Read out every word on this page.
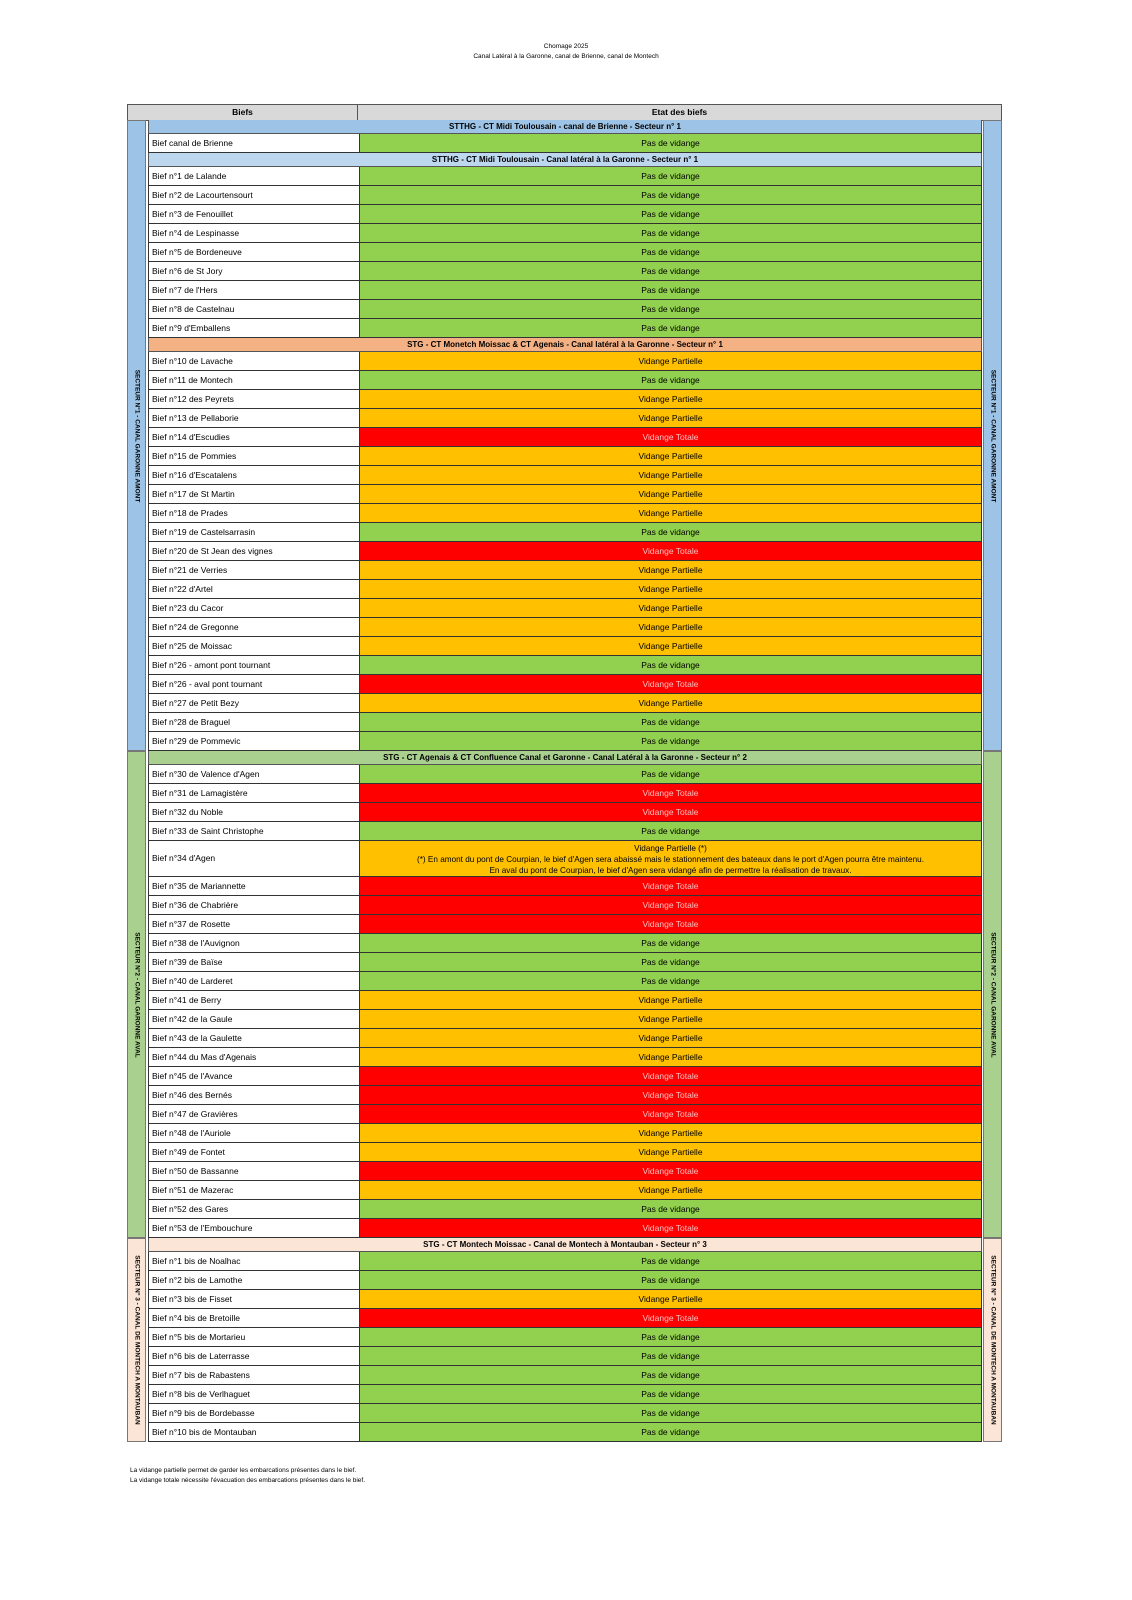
Chomage 2025
Canal Latéral à la Garonne, canal de Brienne, canal de Montech
Biefs	Etat des biefs
SECTEUR N°1 - CANAL GARONNE AMONT	SECTEUR N°1 - CANAL GARONNE AMONT
STTHG - CT Midi Toulousain - canal de Brienne - Secteur n° 1
Bief canal de Brienne	Pas de vidange
STTHG - CT Midi Toulousain - Canal latéral à la Garonne - Secteur n° 1
Bief n°1 de Lalande	Pas de vidange
Bief n°2 de Lacourtensourt	Pas de vidange
Bief n°3 de Fenouillet	Pas de vidange
Bief n°4 de Lespinasse	Pas de vidange
Bief n°5 de Bordeneuve	Pas de vidange
Bief n°6 de St Jory	Pas de vidange
Bief n°7 de l'Hers	Pas de vidange
Bief n°8 de Castelnau	Pas de vidange
Bief n°9 d'Emballens	Pas de vidange
STG - CT Monetch Moissac & CT Agenais - Canal latéral à la Garonne - Secteur n° 1
Bief n°10 de Lavache	Vidange Partielle
Bief n°11 de Montech	Pas de vidange
Bief n°12 des Peyrets	Vidange Partielle
Bief n°13 de Pellaborie	Vidange Partielle
Bief n°14 d'Escudies	Vidange Totale
Bief n°15 de Pommies	Vidange Partielle
Bief n°16 d'Escatalens	Vidange Partielle
Bief n°17 de St Martin	Vidange Partielle
Bief n°18 de Prades	Vidange Partielle
Bief n°19 de Castelsarrasin	Pas de vidange
Bief n°20 de St Jean des vignes	Vidange Totale
Bief n°21 de Verries	Vidange Partielle
Bief n°22 d'Artel	Vidange Partielle
Bief n°23 du Cacor	Vidange Partielle
Bief n°24 de Gregonne	Vidange Partielle
Bief n°25 de Moissac	Vidange Partielle
Bief n°26 - amont pont tournant	Pas de vidange
Bief n°26 - aval pont tournant	Vidange Totale
Bief n°27 de Petit Bezy	Vidange Partielle
Bief n°28 de Braguel	Pas de vidange
Bief n°29 de Pommevic	Pas de vidange
SECTEUR N°2 - CANAL GARONNE AVAL	SECTEUR N°2 - CANAL GARONNE AVAL
STG - CT Agenais & CT Confluence Canal et Garonne - Canal Latéral à la Garonne - Secteur n° 2
Bief n°30 de Valence d'Agen	Pas de vidange
Bief n°31 de Lamagistère	Vidange Totale
Bief n°32 du Noble	Vidange Totale
Bief n°33 de Saint Christophe	Pas de vidange
Bief n°34 d'Agen
Vidange Partielle (*)
(*) En amont du pont de Courpian, le bief d'Agen sera abaissé mais le stationnement des bateaux dans le port d'Agen pourra être maintenu.
En aval du pont de Courpian, le bief d'Agen sera vidangé afin de permettre la réalisation de travaux.
Bief n°35 de Mariannette	Vidange Totale
Bief n°36 de Chabrière	Vidange Totale
Bief n°37 de Rosette	Vidange Totale
Bief n°38 de l'Auvignon	Pas de vidange
Bief n°39 de Baïse	Pas de vidange
Bief n°40 de Larderet	Pas de vidange
Bief n°41 de Berry	Vidange Partielle
Bief n°42 de la Gaule	Vidange Partielle
Bief n°43 de la Gaulette	Vidange Partielle
Bief n°44 du Mas d'Agenais	Vidange Partielle
Bief n°45 de l'Avance	Vidange Totale
Bief n°46 des Bernés	Vidange Totale
Bief n°47 de Gravières	Vidange Totale
Bief n°48 de l'Auriole	Vidange Partielle
Bief n°49 de Fontet	Vidange Partielle
Bief n°50 de Bassanne	Vidange Totale
Bief n°51 de Mazerac	Vidange Partielle
Bief n°52 des Gares	Pas de vidange
Bief n°53 de l'Embouchure	Vidange Totale
SECTEUR N° 3 - CANAL DE MONTECH A MONTAUBAN	SECTEUR N° 3 - CANAL DE MONTECH A MONTAUBAN
STG - CT Montech Moissac - Canal de Montech à Montauban - Secteur n° 3
Bief n°1 bis de Noalhac	Pas de vidange
Bief n°2 bis de Lamothe	Pas de vidange
Bief n°3 bis de Fisset	Vidange Partielle
Bief n°4 bis de Bretoille	Vidange Totale
Bief n°5 bis de Mortarieu	Pas de vidange
Bief n°6 bis de Laterrasse	Pas de vidange
Bief n°7 bis de Rabastens	Pas de vidange
Bief n°8 bis de Verlhaguet	Pas de vidange
Bief n°9 bis de Bordebasse	Pas de vidange
Bief n°10 bis de Montauban	Pas de vidange
La vidange partielle permet de garder les embarcations présentes dans le bief.
La vidange totale nécessite l'évacuation des embarcations présentes dans le bief.
